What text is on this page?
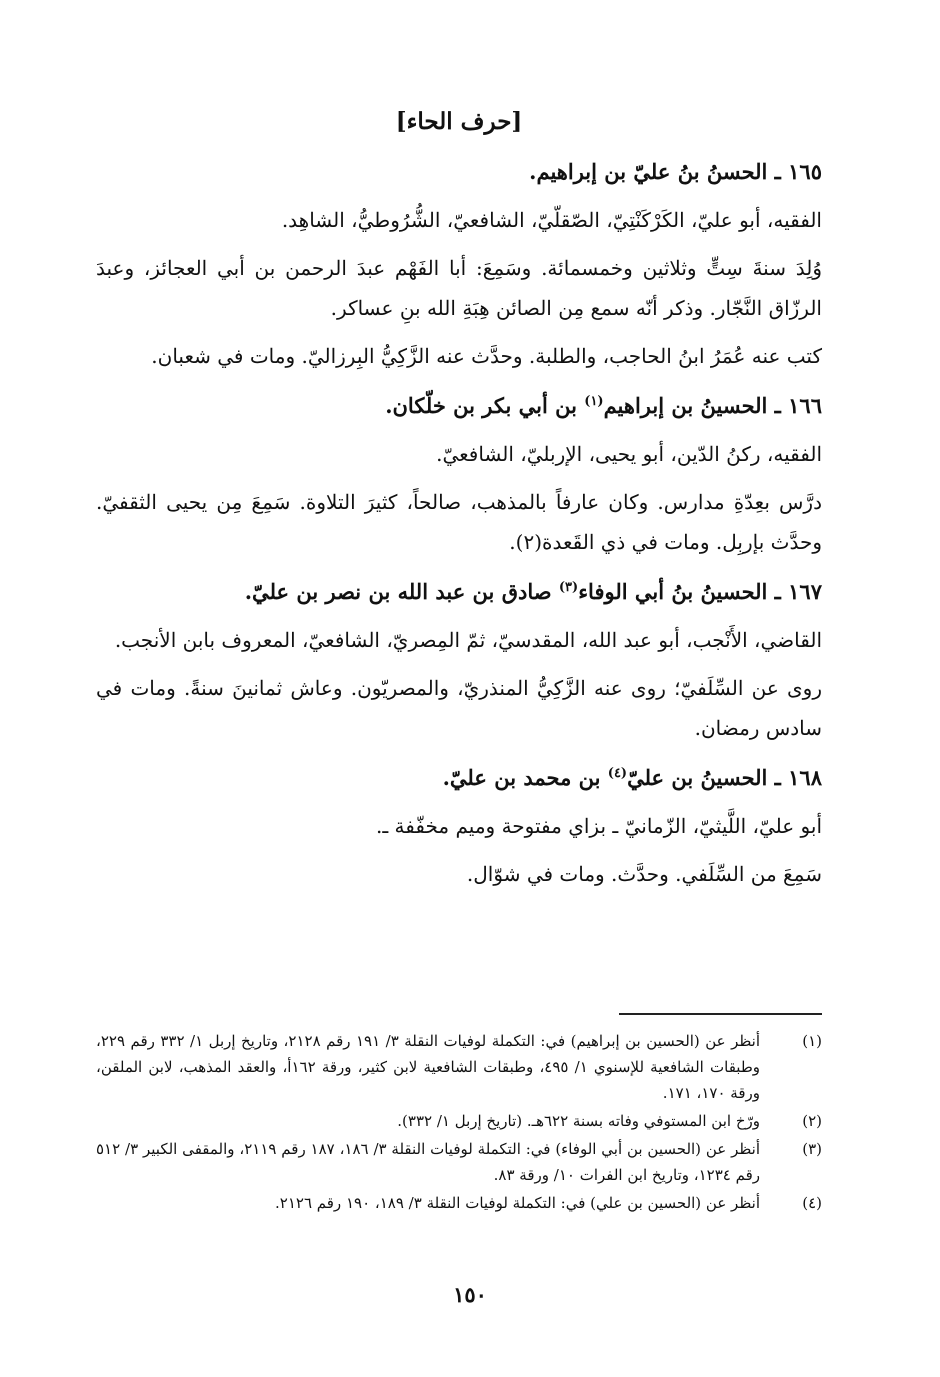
[حرف الحاء]
١٦٥ ـ الحسنُ بنُ عليّ بن إبراهيم.

الفقيه، أبو عليّ، الكَرْكَنْتِيّ، الصّقلّيّ، الشافعيّ، الشُّرُوطيُّ، الشاهِد.

وُلِدَ سنةَ سِتٍّ وثلاثين وخمسمائة. وسَمِعَ: أبا الفَهْم عبدَ الرحمن بن أبي العجائز، وعبدَ الرزّاق النَّجّار. وذكر أنّه سمع مِن الصائن هِبَةِ الله بنِ عساكر.

كتب عنه عُمَرُ ابنُ الحاجب، والطلبة. وحدَّث عنه الزَّكِيُّ البِرزاليّ. ومات في شعبان.

١٦٦ ـ الحسينُ بن إبراهيم$^{(١)}$ بن أبي بكر بن خلّكان.

الفقيه، ركنُ الدّين، أبو يحيى، الإربليّ، الشافعيّ.

درَّس بعِدّةِ مدارس. وكان عارفاً بالمذهب، صالحاً، كثيرَ التلاوة. سَمِعَ مِن يحيى الثقفيّ. وحدَّث بإربِل. ومات في ذي القَعدة(٢).

١٦٧ ـ الحسينُ بنُ أبي الوفاء$^{(٣)}$ صادق بن عبد الله بن نصر بن عليّ.

القاضي، الأَنْجب، أبو عبد الله، المقدسيّ، ثمّ المِصريّ، الشافعيّ، المعروف بابن الأنجب.

روى عن السِّلَفيّ؛ روى عنه الزَّكِيُّ المنذريّ، والمصريّون. وعاش ثمانينَ سنةً. ومات في سادس رمضان.

١٦٨ ـ الحسينُ بن عليّ$^{(٤)}$ بن محمد بن عليّ.

أبو عليّ، اللَّيثيّ، الزّمانيّ ـ بزاي مفتوحة وميم مخفّفة ـ.

سَمِعَ من السِّلَفي. وحدَّث. ومات في شوّال.

(١)
أنظر عن (الحسين بن إبراهيم) في: التكملة لوفيات النقلة ٣/ ١٩١ رقم ٢١٢٨، وتاريخ إربل ١/ ٣٣٢ رقم ٢٢٩، وطبقات الشافعية للإسنوي ١/ ٤٩٥، وطبقات الشافعية لابن كثير، ورقة ١٦٢أ، والعقد المذهب، لابن الملقن، ورقة ١٧٠، ١٧١.
(٢)
ورّخ ابن المستوفي وفاته بسنة ٦٢٢هـ. (تاريخ إربل ١/ ٣٣٢).
(٣)
أنظر عن (الحسين بن أبي الوفاء) في: التكملة لوفيات النقلة ٣/ ١٨٦، ١٨٧ رقم ٢١١٩، والمقفى الكبير ٣/ ٥١٢ رقم ١٢٣٤، وتاريخ ابن الفرات ١٠/ ورقة ٨٣.
(٤)
أنظر عن (الحسين بن علي) في: التكملة لوفيات النقلة ٣/ ١٨٩، ١٩٠ رقم ٢١٢٦.
١٥٠
